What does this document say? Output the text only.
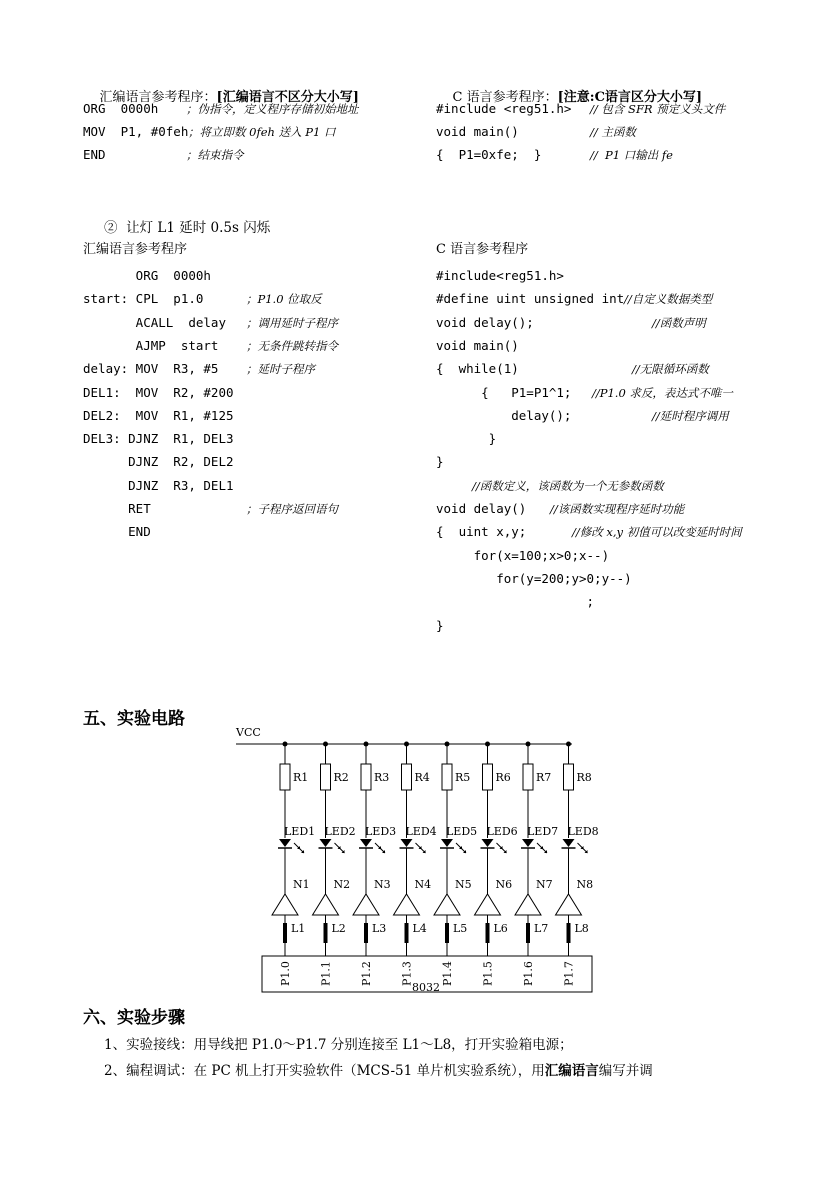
汇编语言参考程序：[汇编语言不区分大小写]
	C 语言参考程序：[注意:C语言区分大小写]

ORG  0000h ；伪指令，定义程序存储初始地址
MOV  P1, #0feh ；将立即数 0feh 送入 P1 口
END	；结束指令
#include <reg51.h> // 包含 SFR 预定义头文件
void main()	// 主函数
{  P1=0xfe;  }	//  P1 口输出 fe
②  让灯 L1 延时 0.5s 闪烁
汇编语言参考程序	C 语言参考程序
ORG  0000h
start: CPL  p1.0	；P1.0 位取反
ACALL  delay ；调用延时子程序
AJMP  start ；无条件跳转指令
delay: MOV  R3, #5 ；延时子程序
DEL1:  MOV  R2, #200
DEL2:  MOV  R1, #125
DEL3: DJNZ  R1, DEL3
DJNZ  R2, DEL2
DJNZ  R3, DEL1
RET	；子程序返回语句
END
#include<reg51.h>
#define uint unsigned int //自定义数据类型
void delay();	//函数声明
void main()
{  while(1)	//无限循环函数
{   P1=P1^1; //P1.0 求反，表达式不唯一
delay();	//延时程序调用
}
}
//函数定义，该函数为一个无参数函数
void delay() //该函数实现程序延时功能
{  uint x,y;	//修改 x,y 初值可以改变延时时间
for(x=100;x>0;x--)
for(y=200;y>0;y--)
;
}
五、实验电路
VCC
R1
LED1
N1
L1
P1.0
R2
LED2
N2
L2
P1.1
R3
LED3
N3
L3
P1.2
R4
LED4
N4
L4
P1.3
R5
LED5
N5
L5
P1.4
R6
LED6
N6
L6
P1.5
R7
LED7
N7
L7
P1.6
R8
LED8
N8
L8
P1.7
8032
六、实验步骤
1、实验接线：用导线把 P1.0～P1.7 分别连接至 L1～L8，打开实验箱电源；
2、编程调试：在 PC 机上打开实验软件（MCS-51 单片机实验系统），用汇编语言编写并调
